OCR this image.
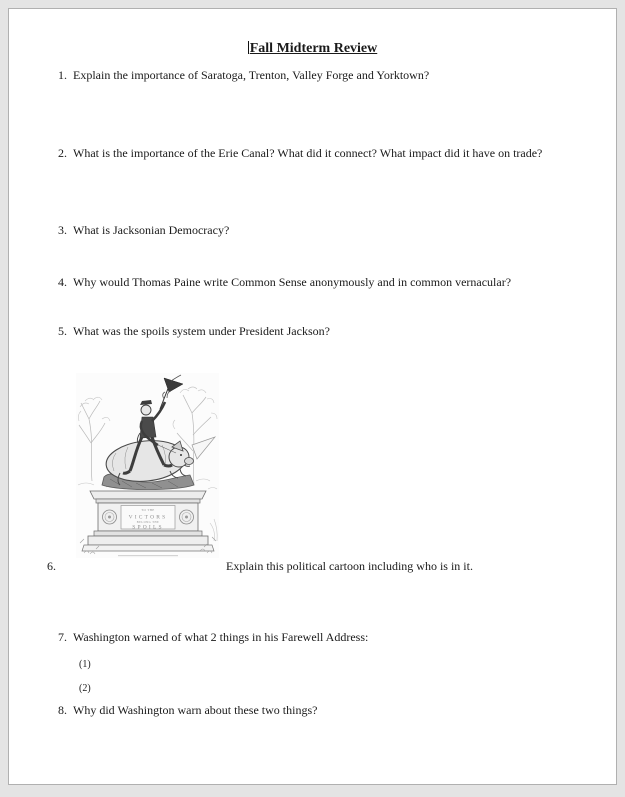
Fall Midterm Review
1. Explain the importance of Saratoga, Trenton, Valley Forge and Yorktown?
2. What is the importance of the Erie Canal? What did it connect? What impact did it have on trade?
3. What is Jacksonian Democracy?
4. Why would Thomas Paine write Common Sense anonymously and in common vernacular?
5. What was the spoils system under President Jackson?
TO THE
VICTORS
BELONG THE
SPOILS
6.	Explain this political cartoon including who is in it.
7. Washington warned of what 2 things in his Farewell Address:
(1)
(2)
8. Why did Washington warn about these two things?
